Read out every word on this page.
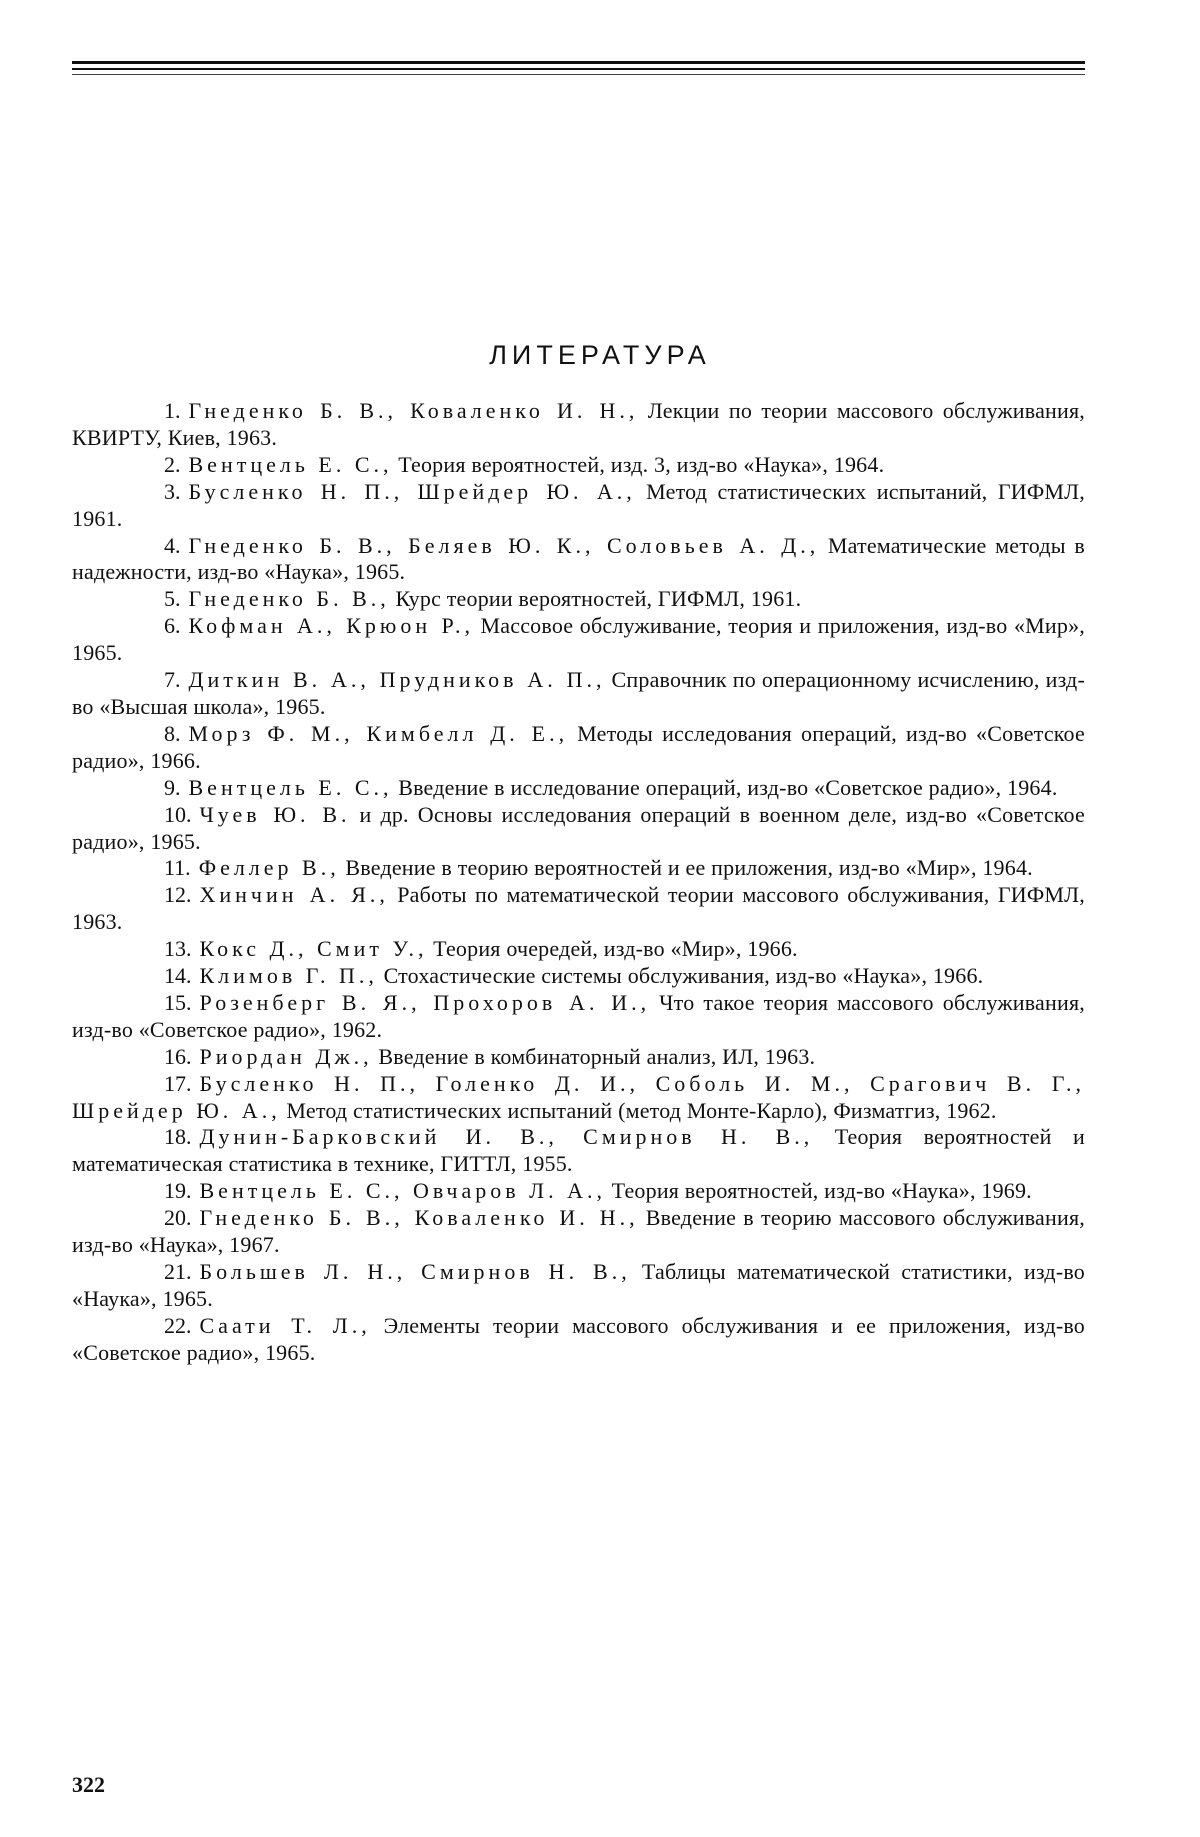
ЛИТЕРАТУРА
1. Гнеденко Б. В., Коваленко И. Н., Лекции по теории массового обслуживания, КВИРТУ, Киев, 1963.
2. Вентцель Е. С., Теория вероятностей, изд. 3, изд-во «Наука», 1964.
3. Бусленко Н. П., Шрейдер Ю. А., Метод статистических испытаний, ГИФМЛ, 1961.
4. Гнеденко Б. В., Беляев Ю. К., Соловьев А. Д., Математические методы в надежности, изд-во «Наука», 1965.
5. Гнеденко Б. В., Курс теории вероятностей, ГИФМЛ, 1961.
6. Кофман А., Крюон Р., Массовое обслуживание, теория и приложения, изд-во «Мир», 1965.
7. Диткин В. А., Прудников А. П., Справочник по операционному исчислению, изд-во «Высшая школа», 1965.
8. Морз Ф. М., Кимбелл Д. Е., Методы исследования операций, изд-во «Советское радио», 1966.
9. Вентцель Е. С., Введение в исследование операций, изд-во «Советское радио», 1964.
10. Чуев Ю. В. и др. Основы исследования операций в военном деле, изд-во «Советское радио», 1965.
11. Феллер В., Введение в теорию вероятностей и ее приложения, изд-во «Мир», 1964.
12. Хинчин А. Я., Работы по математической теории массового обслуживания, ГИФМЛ, 1963.
13. Кокс Д., Смит У., Теория очередей, изд-во «Мир», 1966.
14. Климов Г. П., Стохастические системы обслуживания, изд-во «Наука», 1966.
15. Розенберг В. Я., Прохоров А. И., Что такое теория массового обслуживания, изд-во «Советское радио», 1962.
16. Риордан Дж., Введение в комбинаторный анализ, ИЛ, 1963.
17. Бусленко Н. П., Голенко Д. И., Соболь И. М., Срагович В. Г., Шрейдер Ю. А., Метод статистических испытаний (метод Монте-Карло), Физматгиз, 1962.
18. Дунин-Барковский И. В., Смирнов Н. В., Теория вероятностей и математическая статистика в технике, ГИТТЛ, 1955.
19. Вентцель Е. С., Овчаров Л. А., Теория вероятностей, изд-во «Наука», 1969.
20. Гнеденко Б. В., Коваленко И. Н., Введение в теорию массового обслуживания, изд-во «Наука», 1967.
21. Большев Л. Н., Смирнов Н. В., Таблицы математической статистики, изд-во «Наука», 1965.
22. Саати Т. Л., Элементы теории массового обслуживания и ее приложения, изд-во «Советское радио», 1965.

322
